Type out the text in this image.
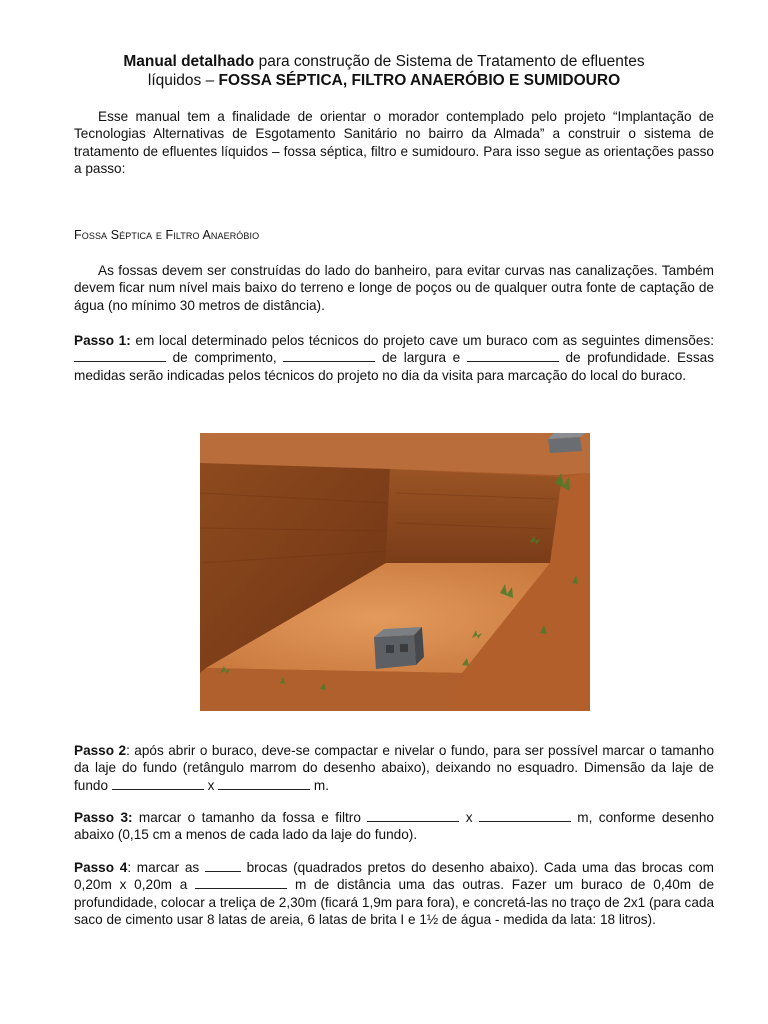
Manual detalhado para construção de Sistema de Tratamento de efluentes
líquidos – FOSSA SÉPTICA, FILTRO ANAERÓBIO E SUMIDOURO

Esse manual tem a finalidade de orientar o morador contemplado pelo projeto “Implantação de Tecnologias Alternativas de Esgotamento Sanitário no bairro da Almada” a construir o sistema de tratamento de efluentes líquidos – fossa séptica, filtro e sumidouro. Para isso segue as orientações passo a passo:

Fossa Séptica e Filtro Anaeróbio

As fossas devem ser construídas do lado do banheiro, para evitar curvas nas canalizações. Também devem ficar num nível mais baixo do terreno e longe de poços ou de qualquer outra fonte de captação de água (no mínimo 30 metros de distância).

Passo 1: em local determinado pelos técnicos do projeto cave um buraco com as seguintes dimensões:  de comprimento,	de largura e	de profundidade. Essas medidas serão indicadas pelos técnicos do projeto no dia da visita para marcação do local do buraco.

Passo 2: após abrir o buraco, deve-se compactar e nivelar o fundo, para ser possível marcar o tamanho da laje do fundo (retângulo marrom do desenho abaixo), deixando no esquadro. Dimensão da laje de fundo	x	m.

Passo 3: marcar o tamanho da fossa e filtro	x	m, conforme desenho abaixo (0,15 cm a menos de cada lado da laje do fundo).

Passo 4: marcar as	brocas (quadrados pretos do desenho abaixo). Cada uma das brocas com 0,20m x 0,20m a	m de distância uma das outras. Fazer um buraco de 0,40m de profundidade, colocar a treliça de 2,30m (ficará 1,9m para fora), e concretá-las no traço de 2x1 (para cada saco de cimento usar 8 latas de areia, 6 latas de brita I e 1½ de água - medida da lata: 18 litros).
